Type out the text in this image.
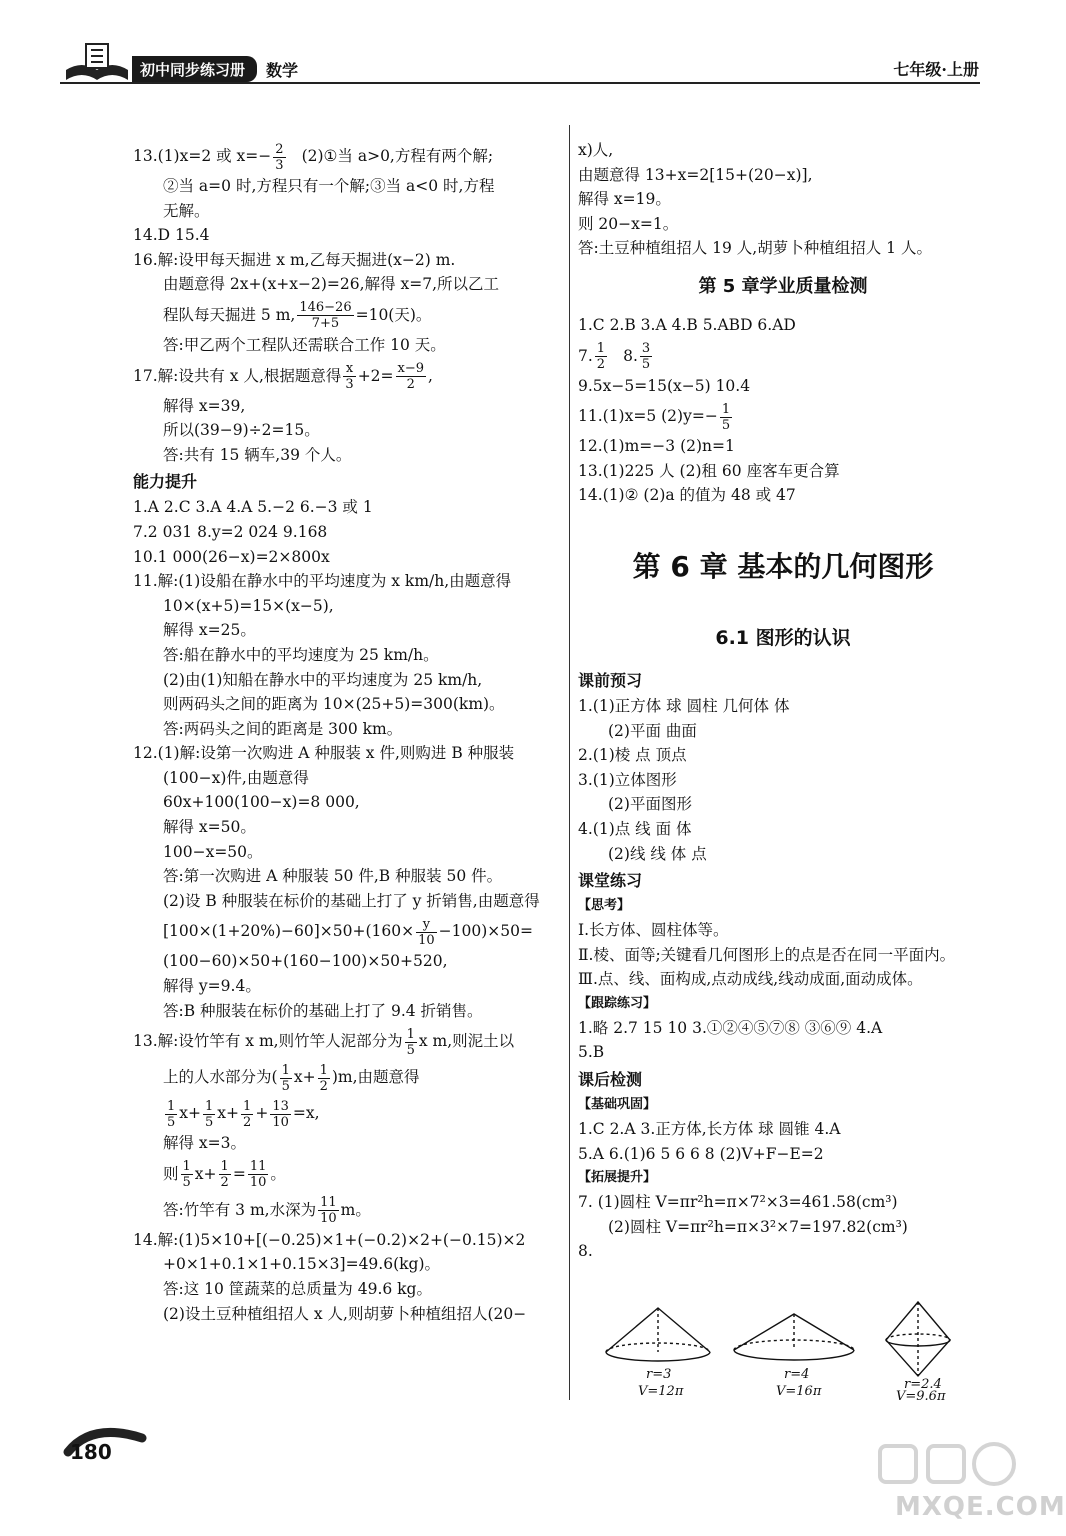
初中同步练习册 数学	七年级·上册
13.(1)x=2 或 $x=- \frac{2}{3}$ (2)①当 a>0,方程有两个解;
②当 a=0 时,方程只有一个解;③当 a<0 时,方程
无解。
14.D 15.4
16.解:设甲每天掘进 x m,乙每天掘进(x−2) m.
由题意得 2x+(x+x−2)=26,解得 x=7,所以乙工
程队每天掘进 5 m, $\frac{146-26}{7+5} =10$(天)。
答:甲乙两个工程队还需联合工作 10 天。
17.解:设共有 x 人,根据题意得 $\frac{x}{3} +2= \frac{x-9}{2}$ ,
解得 x=39,
所以(39−9)÷2=15。
答:共有 15 辆车,39 个人。
能力提升
1.A 2.C 3.A 4.A 5.−2 6.−3 或 1
7.2 031 8.y=2 024 9.168
10.1 000(26−x)=2×800x
11.解:(1)设船在静水中的平均速度为 x km/h,由题意得
10×(x+5)=15×(x−5),
解得 x=25。
答:船在静水中的平均速度为 25 km/h。
(2)由(1)知船在静水中的平均速度为 25 km/h,
则两码头之间的距离为 10×(25+5)=300(km)。
答:两码头之间的距离是 300 km。
12.(1)解:设第一次购进 A 种服装 x 件,则购进 B 种服装
(100−x)件,由题意得
60x+100(100−x)=8 000,
解得 x=50。
100−x=50。
答:第一次购进 A 种服装 50 件,B 种服装 50 件。
(2)设 B 种服装在标价的基础上打了 y 折销售,由题意得
$[100\times(1+20\%)-60]\times 50+(160\times \frac{y}{10} -100)\times 50=$
(100−60)×50+(160−100)×50+520,
解得 y=9.4。
答:B 种服装在标价的基础上打了 9.4 折销售。
13.解:设竹竿有 x m,则竹竿人泥部分为 $\frac{1}{5}$ x m,则泥土以
上的人水部分为( $\frac{1}{5} x+ \frac{1}{2} )m$,由题意得
$\frac{1}{5} x+ \frac{1}{5} x+ \frac{1}{2} + \frac{13}{10} =x$,
解得 x=3。
则 $\frac{1}{5} x+ \frac{1}{2} = \frac{11}{10}$ 。
答:竹竿有 3 m,水深为 $\frac{11}{10}$ m。
14.解:(1)5×10+[(−0.25)×1+(−0.2)×2+(−0.15)×2
+0×1+0.1×1+0.15×3]=49.6(kg)。
答:这 10 筐蔬菜的总质量为 49.6 kg。
(2)设土豆种植组招人 x 人,则胡萝卜种植组招人(20−
x)人,
由题意得 13+x=2[15+(20−x)],
解得 x=19。
则 20−x=1。
答:土豆种植组招人 19 人,胡萝卜种植组招人 1 人。
第 5 章学业质量检测
1.C 2.B 3.A 4.B 5.ABD 6.AD
7. $\frac{1}{2} 8$. $\frac{3}{5}$
9.5x−5=15(x−5) 10.4
11.(1)x=5 $(2)y=- \frac{1}{5}$
12.(1)m=−3 (2)n=1
13.(1)225 人 (2)租 60 座客车更合算
14.(1)② (2)a 的值为 48 或 47
第 6 章 基本的几何图形
6.1 图形的认识
课前预习
1.(1)正方体 球 圆柱 几何体 体
(2)平面 曲面
2.(1)棱 点 顶点
3.(1)立体图形
(2)平面图形
4.(1)点 线 面 体
(2)线 线 体 点
课堂练习
【思考】
Ⅰ.长方体、圆柱体等。
Ⅱ.棱、面等;关键看几何图形上的点是否在同一平面内。
Ⅲ.点、线、面构成,点动成线,线动成面,面动成体。
【跟踪练习】
1.略 2.7 15 10 3.①②④⑤⑦⑧ ③⑥⑨ 4.A
5.B
课后检测
【基础巩固】
1.C 2.A 3.正方体,长方体 球 圆锥 4.A
5.A 6.(1)6 5 6 6 8 (2)V+F−E=2
【拓展提升】
7. (1)圆柱 V=πr²h=π×7²×3=461.58(cm³)
(2)圆柱 V=πr²h=π×3²×7=197.82(cm³)
8.
r=3
V=12π
r=4
V=16π	r=2.4
V=9.6π
180
MXQE.COM
